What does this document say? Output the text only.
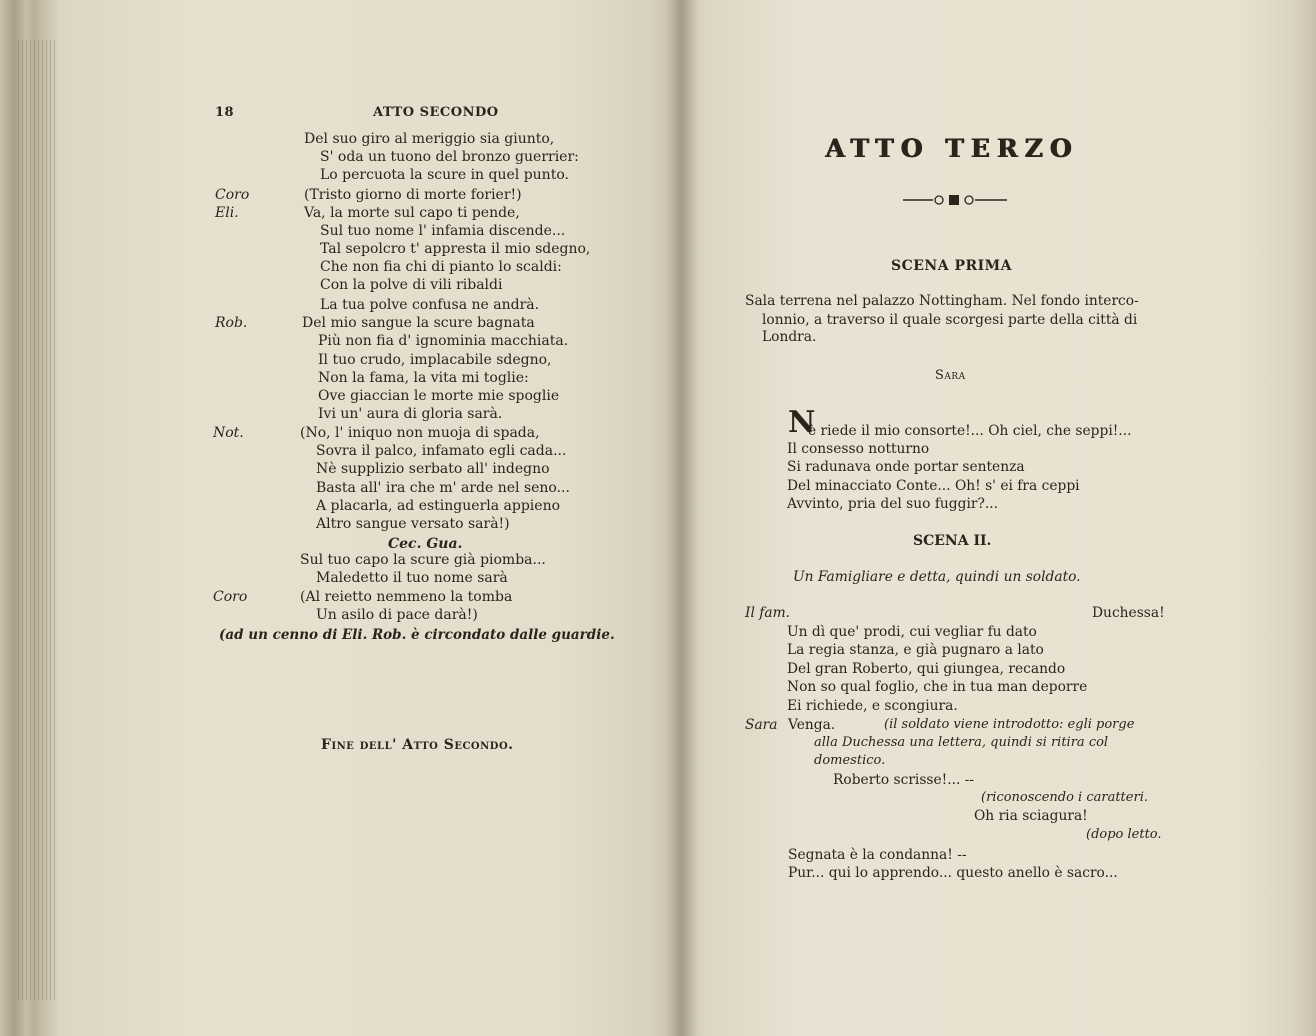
18	ATTO SECONDO
Del suo giro al meriggio sia giunto,
S' oda un tuono del bronzo guerrier:
Lo percuota la scure in quel punto.
Coro	(Tristo giorno di morte forier!)
Eli.	Va, la morte sul capo ti pende,
Sul tuo nome l' infamia discende...
Tal sepolcro t' appresta il mio sdegno,
Che non fia chi di pianto lo scaldi:
Con la polve di vili ribaldi
La tua polve confusa ne andrà.
Rob.	Del mio sangue la scure bagnata
Più non fia d' ignominia macchiata.
Il tuo crudo, implacabile sdegno,
Non la fama, la vita mi toglie:
Ove giaccian le morte mie spoglie
Ivi un' aura di gloria sarà.
Not.	(No, l' iniquo non muoja di spada,
Sovra il palco, infamato egli cada...
Nè supplizio serbato all' indegno
Basta all' ira che m' arde nel seno...
A placarla, ad estinguerla appieno
Altro sangue versato sarà!)
Cec. Gua.
Sul tuo capo la scure già piomba...
Maledetto il tuo nome sarà
Coro	(Al reietto nemmeno la tomba
Un asilo di pace darà!)
(ad un cenno di Eli. Rob. è circondato dalle guardie.
Fine dell' Atto Secondo.
ATTO TERZO
SCENA PRIMA
Sala terrena nel palazzo Nottingham. Nel fondo interco-
lonnio, a traverso il quale scorgesi parte della città di
Londra.
Sara
N
è riede il mio consorte!... Oh ciel, che seppi!...
Il consesso notturno
Si radunava onde portar sentenza
Del minacciato Conte... Oh! s' ei fra ceppi
Avvinto, pria del suo fuggir?...
SCENA II.
Un Famigliare e detta, quindi un soldato.
Il fam.	Duchessa!
Un dì que' prodi, cui vegliar fu dato
La regia stanza, e già pugnaro a lato
Del gran Roberto, qui giungea, recando
Non so qual foglio, che in tua man deporre
Ei richiede, e scongiura.
Sara Venga.	(il soldato viene introdotto: egli porge
alla Duchessa una lettera, quindi si ritira col
domestico.
Roberto scrisse!... --
(riconoscendo i caratteri.
Oh ria sciagura!
(dopo letto.
Segnata è la condanna! --
Pur... qui lo apprendo... questo anello è sacro...
